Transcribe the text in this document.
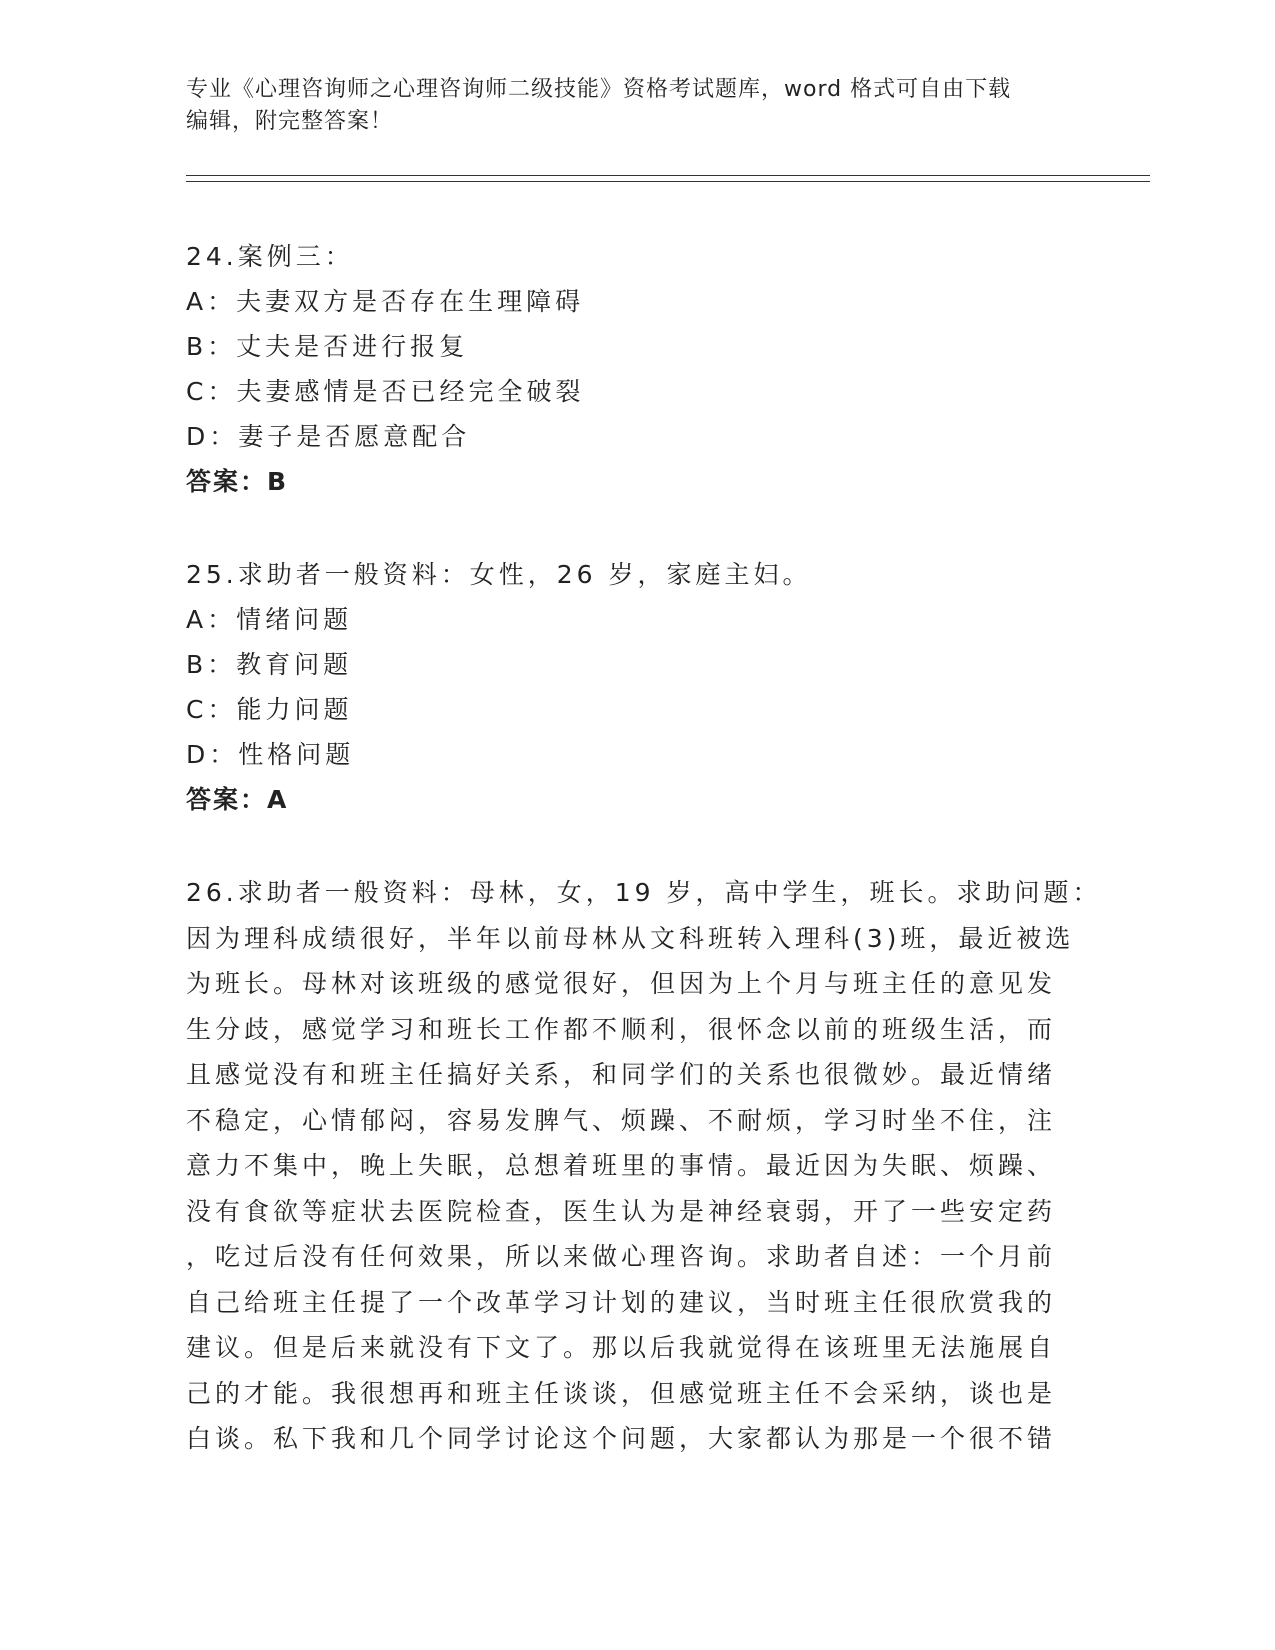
专业《心理咨询师之心理咨询师二级技能》资格考试题库，word 格式可自由下载
编辑，附完整答案！
24.案例三：
A：夫妻双方是否存在生理障碍
B：丈夫是否进行报复
C：夫妻感情是否已经完全破裂
D：妻子是否愿意配合
答案：B
25.求助者一般资料：女性，26 岁，家庭主妇。
A：情绪问题
B：教育问题
C：能力问题
D：性格问题
答案：A
26.求助者一般资料：母林，女，19 岁，高中学生，班长。求助问题：
因为理科成绩很好，半年以前母林从文科班转入理科(3)班，最近被选
为班长。母林对该班级的感觉很好，但因为上个月与班主任的意见发
生分歧，感觉学习和班长工作都不顺利，很怀念以前的班级生活，而
且感觉没有和班主任搞好关系，和同学们的关系也很微妙。最近情绪
不稳定，心情郁闷，容易发脾气、烦躁、不耐烦，学习时坐不住，注
意力不集中，晚上失眠，总想着班里的事情。最近因为失眠、烦躁、
没有食欲等症状去医院检查，医生认为是神经衰弱，开了一些安定药
，吃过后没有任何效果，所以来做心理咨询。求助者自述：一个月前
自己给班主任提了一个改革学习计划的建议，当时班主任很欣赏我的
建议。但是后来就没有下文了。那以后我就觉得在该班里无法施展自
己的才能。我很想再和班主任谈谈，但感觉班主任不会采纳，谈也是
白谈。私下我和几个同学讨论这个问题，大家都认为那是一个很不错
